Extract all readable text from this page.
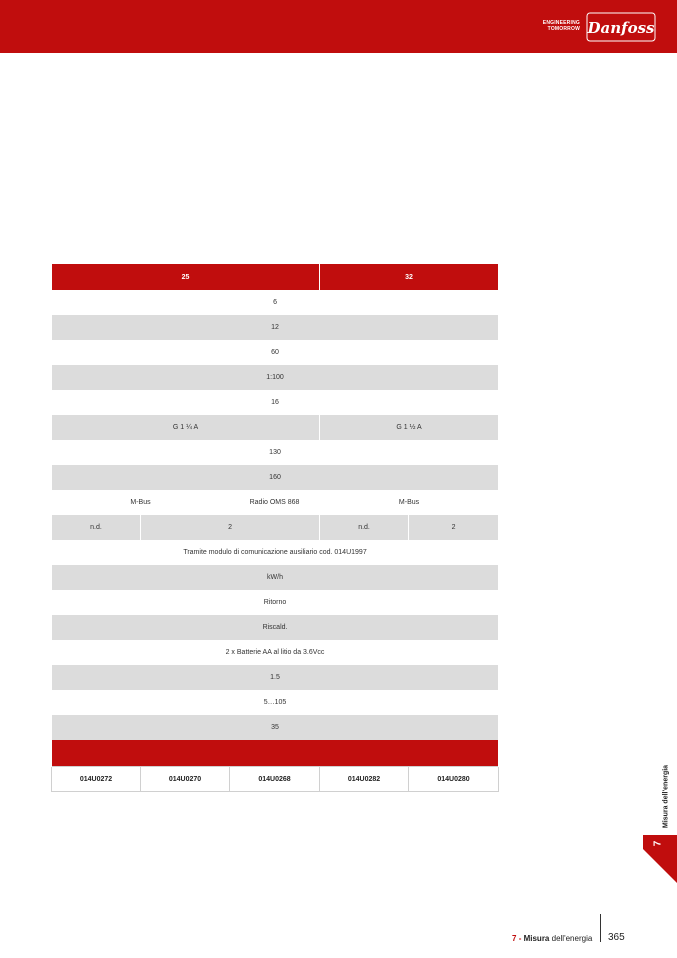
ENGINEERING
TOMORROW Danfoss
25			32	
6				
12				
60				
1:100				
16				
G 1 ¼ A			G 1 ½ A	
130				
160				
M-Bus		Radio OMS 868	M-Bus	
n.d.	2		n.d.	2
Tramite modulo di comunicazione ausiliario cod. 014U1997				
kW/h				
Ritorno				
Riscald.				
2 x Batterie AA al litio da 3.6Vcc				
1.5				
5…105				
35				

014U0272	014U0270	014U0268	014U0282	014U0280	Misura dell'energia
7
7 - Misura dell'energia 365
